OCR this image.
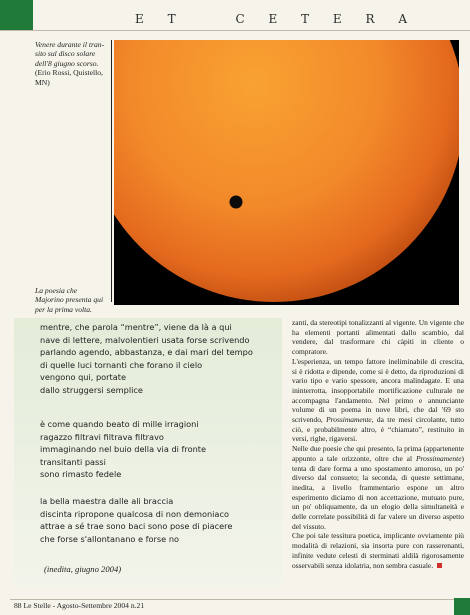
E T	C E T E R A
Venere durante il tran-
sito sul disco solare
dell'8 giugno scorso.
(Erio Rossi, Quistello, MN)
La poesia che
Majorino presenta qui
per la prima volta.
mentre, che parola “mentre”, viene da là a qui
nave di lettere, malvolentieri usata forse scrivendo
parlando agendo, abbastanza, e dai mari del tempo
di quelle luci tornanti che forano il cielo
vengono qui, portate
dallo struggersi semplice
è come quando beato di mille irragioni
ragazzo filtravi filtrava filtravo
immaginando nel buio della via di fronte
transitanti passi
sono rimasto fedele
la bella maestra dalle ali braccia
discinta ripropone qualcosa di non demoniaco
attrae a sé trae sono baci sono pose di piacere
che forse s'allontanano e forse no
(inedita, giugno 2004)

zanti, da stereotipi tonalizzanti al vigente. Un vigente che ha elementi portanti alimentati dallo scambio, dal vendere, dal trasformare chi càpiti in cliente o compratore.

L'esperienza, un tempo fattore ineliminabile di crescita, si è ridotta e dipende, come si è detto, da riproduzioni di vario tipo e vario spessore, ancora malindagate. E una ininterrotta, insopportabile mortificazione culturale ne accompagna l'andamento. Nel primo e annunciante volume di un poema in nove libri, che dal '69 sto scrivendo, Prossimamente, da tre mesi circolante, tutto ciò, e probabilmente altro, è “chiamato”, restituito in versi, righe, rigaversi.

Nelle due poesie che qui presento, la prima (appartenente appunto a tale orizzonte, oltre che al Prossimamente) tenta di dare forma a uno spostamento amoroso, un po' diverso dal consueto; la seconda, di queste settimane, inedita, a livello frammentario espone un altro esperimento diciamo di non accettazione, mutuato pure, un po' obliquamente, da un elogio della simultaneità e delle correlate possibilità di far valere un diverso aspetto del vissuto.

Che poi tale tessitura poetica, implicante ovviamente più modalità di relazioni, sia insorta pure con rasserenanti, infinite vedute celesti di sterminati aldilà rigorosamente osservabili senza idolatria, non sembra casuale.

88 Le Stelle - Agosto-Settembre 2004 n.21
